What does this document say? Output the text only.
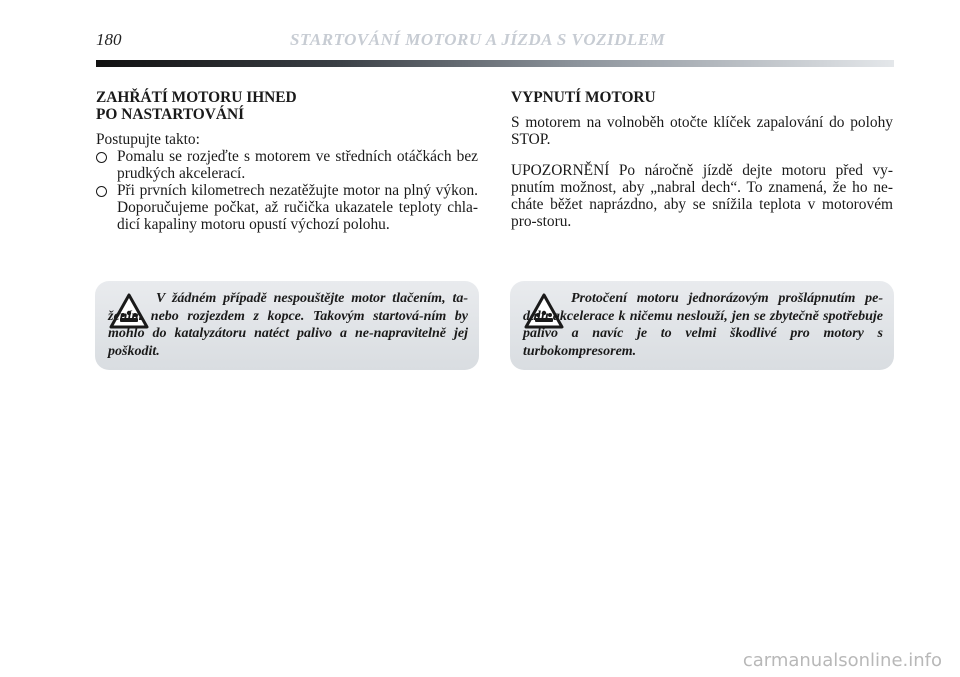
180	STARTOVÁNÍ MOTORU A JÍZDA S VOZIDLEM
ZAHŘÁTÍ MOTORU IHNED
PO NASTARTOVÁNÍ

Postupujte takto:

Pomalu se rozjeďte s motorem ve středních otáčkách bez prudkých akcelerací.
Při prvních kilometrech nezatěžujte motor na plný výkon. Doporučujeme počkat, až ručička ukazatele teploty chla-dicí kapaliny motoru opustí výchozí polohu.
VYPNUTÍ MOTORU

S motorem na volnoběh otočte klíček zapalování do polohy STOP.

UPOZORNĚNÍ Po náročně jízdě dejte motoru před vy-pnutím možnost, aby „nabral dech“. To znamená, že ho ne-cháte běžet naprázdno, aby se snížila teplota v motorovém pro-storu.

V žádném případě nespouštějte motor tlačením, ta-žením nebo rozjezdem z kopce. Takovým startová-ním by mohlo do katalyzátoru natéct palivo a ne-napravitelně jej poškodit.
Protočení motoru jednorázovým prošlápnutím pe-dálu akcelerace k ničemu neslouží, jen se zbytečně spotřebuje palivo a navíc je to velmi škodlivé pro motory s turbokompresorem.
carmanualsonline.info
